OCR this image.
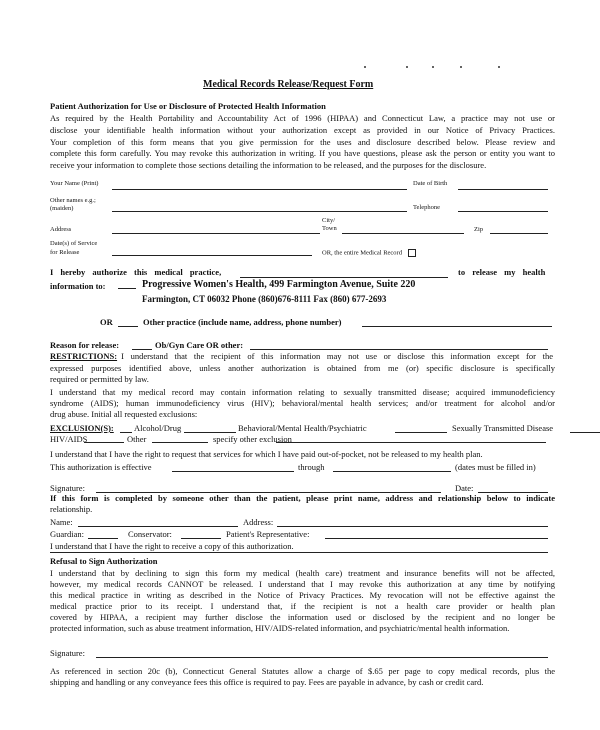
Medical Records Release/Request Form
Patient Authorization for Use or Disclosure of Protected Health Information
As required by the Health Portability and Accountability Act of 1996 (HIPAA) and Connecticut Law, a practice may not use or
disclose your identifiable health information without your authorization except as provided in our Notice of Privacy Practices.
Your completion of this form means that you give permission for the uses and disclosure described below. Please review and
complete this form carefully. You may revoke this authorization in writing. If you have questions, please ask the person or entity you want to
receive your information to complete those sections detailing the information to be released, and the purposes for the disclosure.
Your Name (Print)	Date of Birth
Other names e.g.;
(maiden)	Telephone
City/
Town
Address	Zip
Date(s) of Service
for Release	OR, the entire Medical Record
I hereby authorize this medical practice,	to release my health
information to:	Progressive Women's Health, 499 Farmington Avenue, Suite 220
Farmington, CT 06032 Phone (860)676-8111 Fax (860) 677-2693
OR	Other practice (include name, address, phone number)
Reason for release:	Ob/Gyn Care OR other:
RESTRICTIONS: I understand that the recipient of this information may not use or disclose this information except for the
expressed purposes identified above, unless another authorization is obtained from me (or) specific disclosure is specifically
required or permitted by law.
I understand that my medical record may contain information relating to sexually transmitted disease; acquired immunodeficiency
syndrome (AIDS); human immunodeficiency virus (HIV); behavioral/mental health services; and/or treatment for alcohol and/or
drug abuse. Initial all requested exclusions:
EXCLUSION(S): Alcohol/Drug	Behavioral/Mental Health/Psychiatric	Sexually Transmitted Disease
HIV/AIDS	Other	specify other exclusion
I understand that I have the right to request that services for which I have paid out-of-pocket, not be released to my health plan.
This authorization is effective	through	(dates must be filled in)
Signature:	Date:
If this form is completed by someone other than the patient, please print name, address and relationship below to indicate
relationship.
Name:	Address:
Guardian:	Conservator:	Patient's Representative:
I understand that I have the right to receive a copy of this authorization.
Refusal to Sign Authorization
I understand that by declining to sign this form my medical (health care) treatment and insurance benefits will not be affected,
however, my medical records CANNOT be released. I understand that I may revoke this authorization at any time by notifying
this medical practice in writing as described in the Notice of Privacy Practices. My revocation will not be effective against the
medical practice prior to its receipt. I understand that, if the recipient is not a health care provider or health plan
covered by HIPAA, a recipient may further disclose the information used or disclosed by the recipient and no longer be
protected information, such as abuse treatment information, HIV/AIDS-related information, and psychiatric/mental health information.
Signature:
As referenced in section 20c (b), Connecticut General Statutes allow a charge of $.65 per page to copy medical records, plus the
shipping and handling or any conveyance fees this office is required to pay. Fees are payable in advance, by cash or credit card.
